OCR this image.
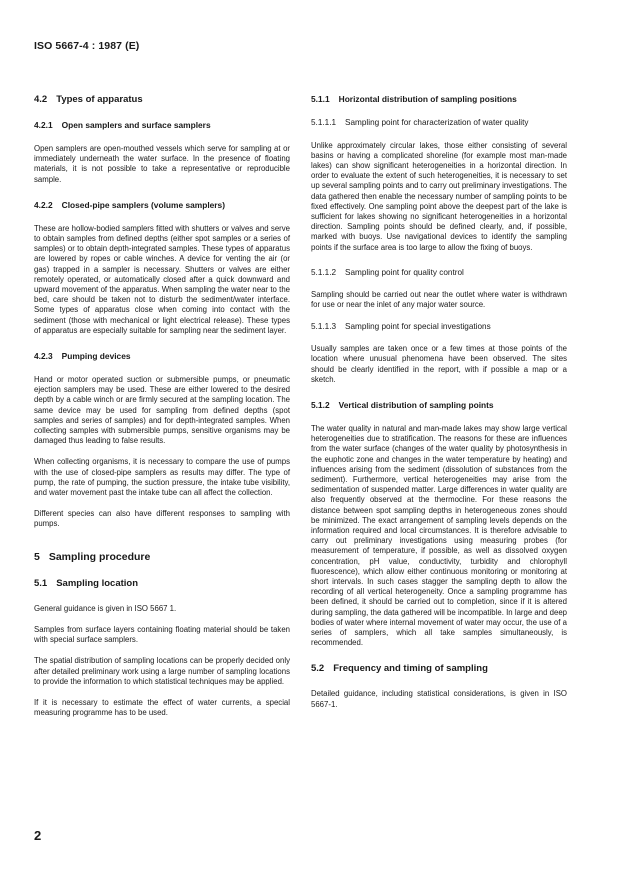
ISO 5667-4 : 1987 (E)
4.2 Types of apparatus
4.2.1 Open samplers and surface samplers

Open samplers are open-mouthed vessels which serve for sampling at or immediately underneath the water surface. In the presence of floating materials, it is not possible to take a representative or reproducible sample.

4.2.2 Closed-pipe samplers (volume samplers)

These are hollow-bodied samplers fitted with shutters or valves and serve to obtain samples from defined depths (either spot samples or a series of samples) or to obtain depth-integrated samples. These types of apparatus are lowered by ropes or cable winches. A device for venting the air (or gas) trapped in a sampler is necessary. Shutters or valves are either remotely operated, or automatically closed after a quick downward and upward movement of the apparatus. When sampling the water near to the bed, care should be taken not to disturb the sediment/water interface. Some types of apparatus close when coming into contact with the sediment (those with mechanical or light electrical release). These types of apparatus are especially suitable for sampling near the sediment layer.

4.2.3 Pumping devices

Hand or motor operated suction or submersible pumps, or pneumatic ejection samplers may be used. These are either lowered to the desired depth by a cable winch or are firmly secured at the sampling location. The same device may be used for sampling from defined depths (spot samples and series of samples) and for depth-integrated samples. When collecting samples with submersible pumps, sensitive organisms may be damaged thus leading to false results.

When collecting organisms, it is necessary to compare the use of pumps with the use of closed-pipe samplers as results may differ. The type of pump, the rate of pumping, the suction pressure, the intake tube visibility, and water movement past the intake tube can all affect the collection.

Different species can also have different responses to sampling with pumps.

5 Sampling procedure
5.1 Sampling location

General guidance is given in ISO 5667 1.

Samples from surface layers containing floating material should be taken with special surface samplers.

The spatial distribution of sampling locations can be properly decided only after detailed preliminary work using a large number of sampling locations to provide the information to which statistical techniques may be applied.

If it is necessary to estimate the effect of water currents, a special measuring programme has to be used.

5.1.1 Horizontal distribution of sampling positions
5.1.1.1 Sampling point for characterization of water quality

Unlike approximately circular lakes, those either consisting of several basins or having a complicated shoreline (for example most man-made lakes) can show significant heterogeneities in a horizontal direction. In order to evaluate the extent of such heterogeneities, it is necessary to set up several sampling points and to carry out preliminary investigations. The data gathered then enable the necessary number of sampling points to be fixed effectively. One sampling point above the deepest part of the lake is sufficient for lakes showing no significant heterogeneities in a horizontal direction. Sampling points should be defined clearly, and, if possible, marked with buoys. Use navigational devices to identify the sampling points if the surface area is too large to allow the fixing of buoys.

5.1.1.2 Sampling point for quality control

Sampling should be carried out near the outlet where water is withdrawn for use or near the inlet of any major water source.

5.1.1.3 Sampling point for special investigations

Usually samples are taken once or a few times at those points of the location where unusual phenomena have been observed. The sites should be clearly identified in the report, with if possible a map or a sketch.

5.1.2 Vertical distribution of sampling points

The water quality in natural and man-made lakes may show large vertical heterogeneities due to stratification. The reasons for these are influences from the water surface (changes of the water quality by photosynthesis in the euphotic zone and changes in the water temperature by heating) and influences arising from the sediment (dissolution of substances from the sediment). Furthermore, vertical heterogeneities may arise from the sedimentation of suspended matter. Large differences in water quality are also frequently observed at the thermocline. For these reasons the distance between spot sampling depths in heterogeneous zones should be minimized. The exact arrangement of sampling levels depends on the information required and local circumstances. It is therefore advisable to carry out preliminary investigations using measuring probes (for measurement of temperature, if possible, as well as dissolved oxygen concentration, pH value, conductivity, turbidity and chlorophyll fluorescence), which allow either continuous monitoring or monitoring at short intervals. In such cases stagger the sampling depth to allow the recording of all vertical heterogeneity. Once a sampling programme has been defined, it should be carried out to completion, since if it is altered during sampling, the data gathered will be incompatible. In large and deep bodies of water where internal movement of water may occur, the use of a series of samplers, which all take samples simultaneously, is recommended.

5.2 Frequency and timing of sampling

Detailed guidance, including statistical considerations, is given in ISO 5667-1.

2
